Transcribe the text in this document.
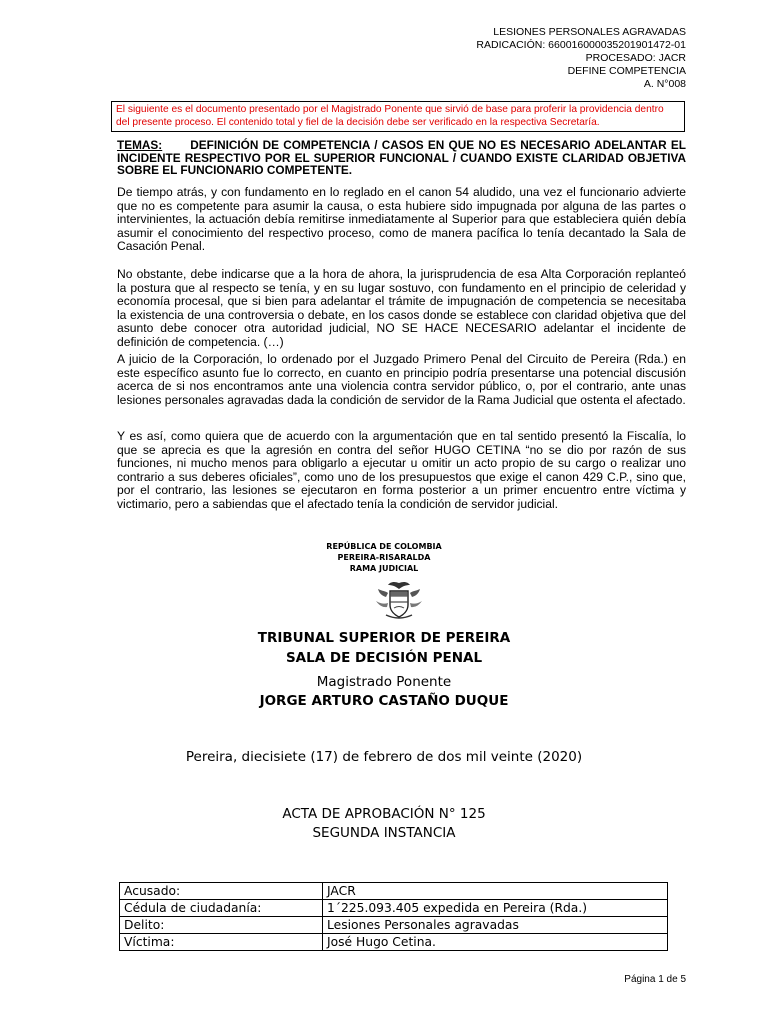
LESIONES PERSONALES AGRAVADAS
RADICACIÓN: 660016000035201901472-01
PROCESADO: JACR
DEFINE COMPETENCIA
A. N°008
El siguiente es el documento presentado por el Magistrado Ponente que sirvió de base para proferir la providencia dentro del presente proceso. El contenido total y fiel de la decisión debe ser verificado en la respectiva Secretaría.
TEMAS: DEFINICIÓN DE COMPETENCIA / CASOS EN QUE NO ES NECESARIO ADELANTAR EL INCIDENTE RESPECTIVO POR EL SUPERIOR FUNCIONAL / CUANDO EXISTE CLARIDAD OBJETIVA SOBRE EL FUNCIONARIO COMPETENTE.
De tiempo atrás, y con fundamento en lo reglado en el canon 54 aludido, una vez el funcionario advierte que no es competente para asumir la causa, o esta hubiere sido impugnada por alguna de las partes o intervinientes, la actuación debía remitirse inmediatamente al Superior para que estableciera quién debía asumir el conocimiento del respectivo proceso, como de manera pacífica lo tenía decantado la Sala de Casación Penal.
No obstante, debe indicarse que a la hora de ahora, la jurisprudencia de esa Alta Corporación replanteó la postura que al respecto se tenía, y en su lugar sostuvo, con fundamento en el principio de celeridad y economía procesal, que si bien para adelantar el trámite de impugnación de competencia se necesitaba la existencia de una controversia o debate, en los casos donde se establece con claridad objetiva que del asunto debe conocer otra autoridad judicial, NO SE HACE NECESARIO adelantar el incidente de definición de competencia. (…)
A juicio de la Corporación, lo ordenado por el Juzgado Primero Penal del Circuito de Pereira (Rda.) en este específico asunto fue lo correcto, en cuanto en principio podría presentarse una potencial discusión acerca de si nos encontramos ante una violencia contra servidor público, o, por el contrario, ante unas lesiones personales agravadas dada la condición de servidor de la Rama Judicial que ostenta el afectado.
Y es así, como quiera que de acuerdo con la argumentación que en tal sentido presentó la Fiscalía, lo que se aprecia es que la agresión en contra del señor HUGO CETINA “no se dio por razón de sus funciones, ni mucho menos para obligarlo a ejecutar u omitir un acto propio de su cargo o realizar uno contrario a sus deberes oficiales”, como uno de los presupuestos que exige el canon 429 C.P., sino que, por el contrario, las lesiones se ejecutaron en forma posterior a un primer encuentro entre víctima y victimario, pero a sabiendas que el afectado tenía la condición de servidor judicial.
REPÚBLICA DE COLOMBIA
PEREIRA-RISARALDA
RAMA JUDICIAL
TRIBUNAL SUPERIOR DE PEREIRA
SALA DE DECISIÓN PENAL
Magistrado Ponente
JORGE ARTURO CASTAÑO DUQUE
Pereira, diecisiete (17) de febrero de dos mil veinte (2020)
ACTA DE APROBACIÓN N° 125
SEGUNDA INSTANCIA
Acusado:	JACR
Cédula de ciudadanía:	1´225.093.405 expedida en Pereira (Rda.)
Delito:	Lesiones Personales agravadas
Víctima:	José Hugo Cetina.
Página 1 de 5
